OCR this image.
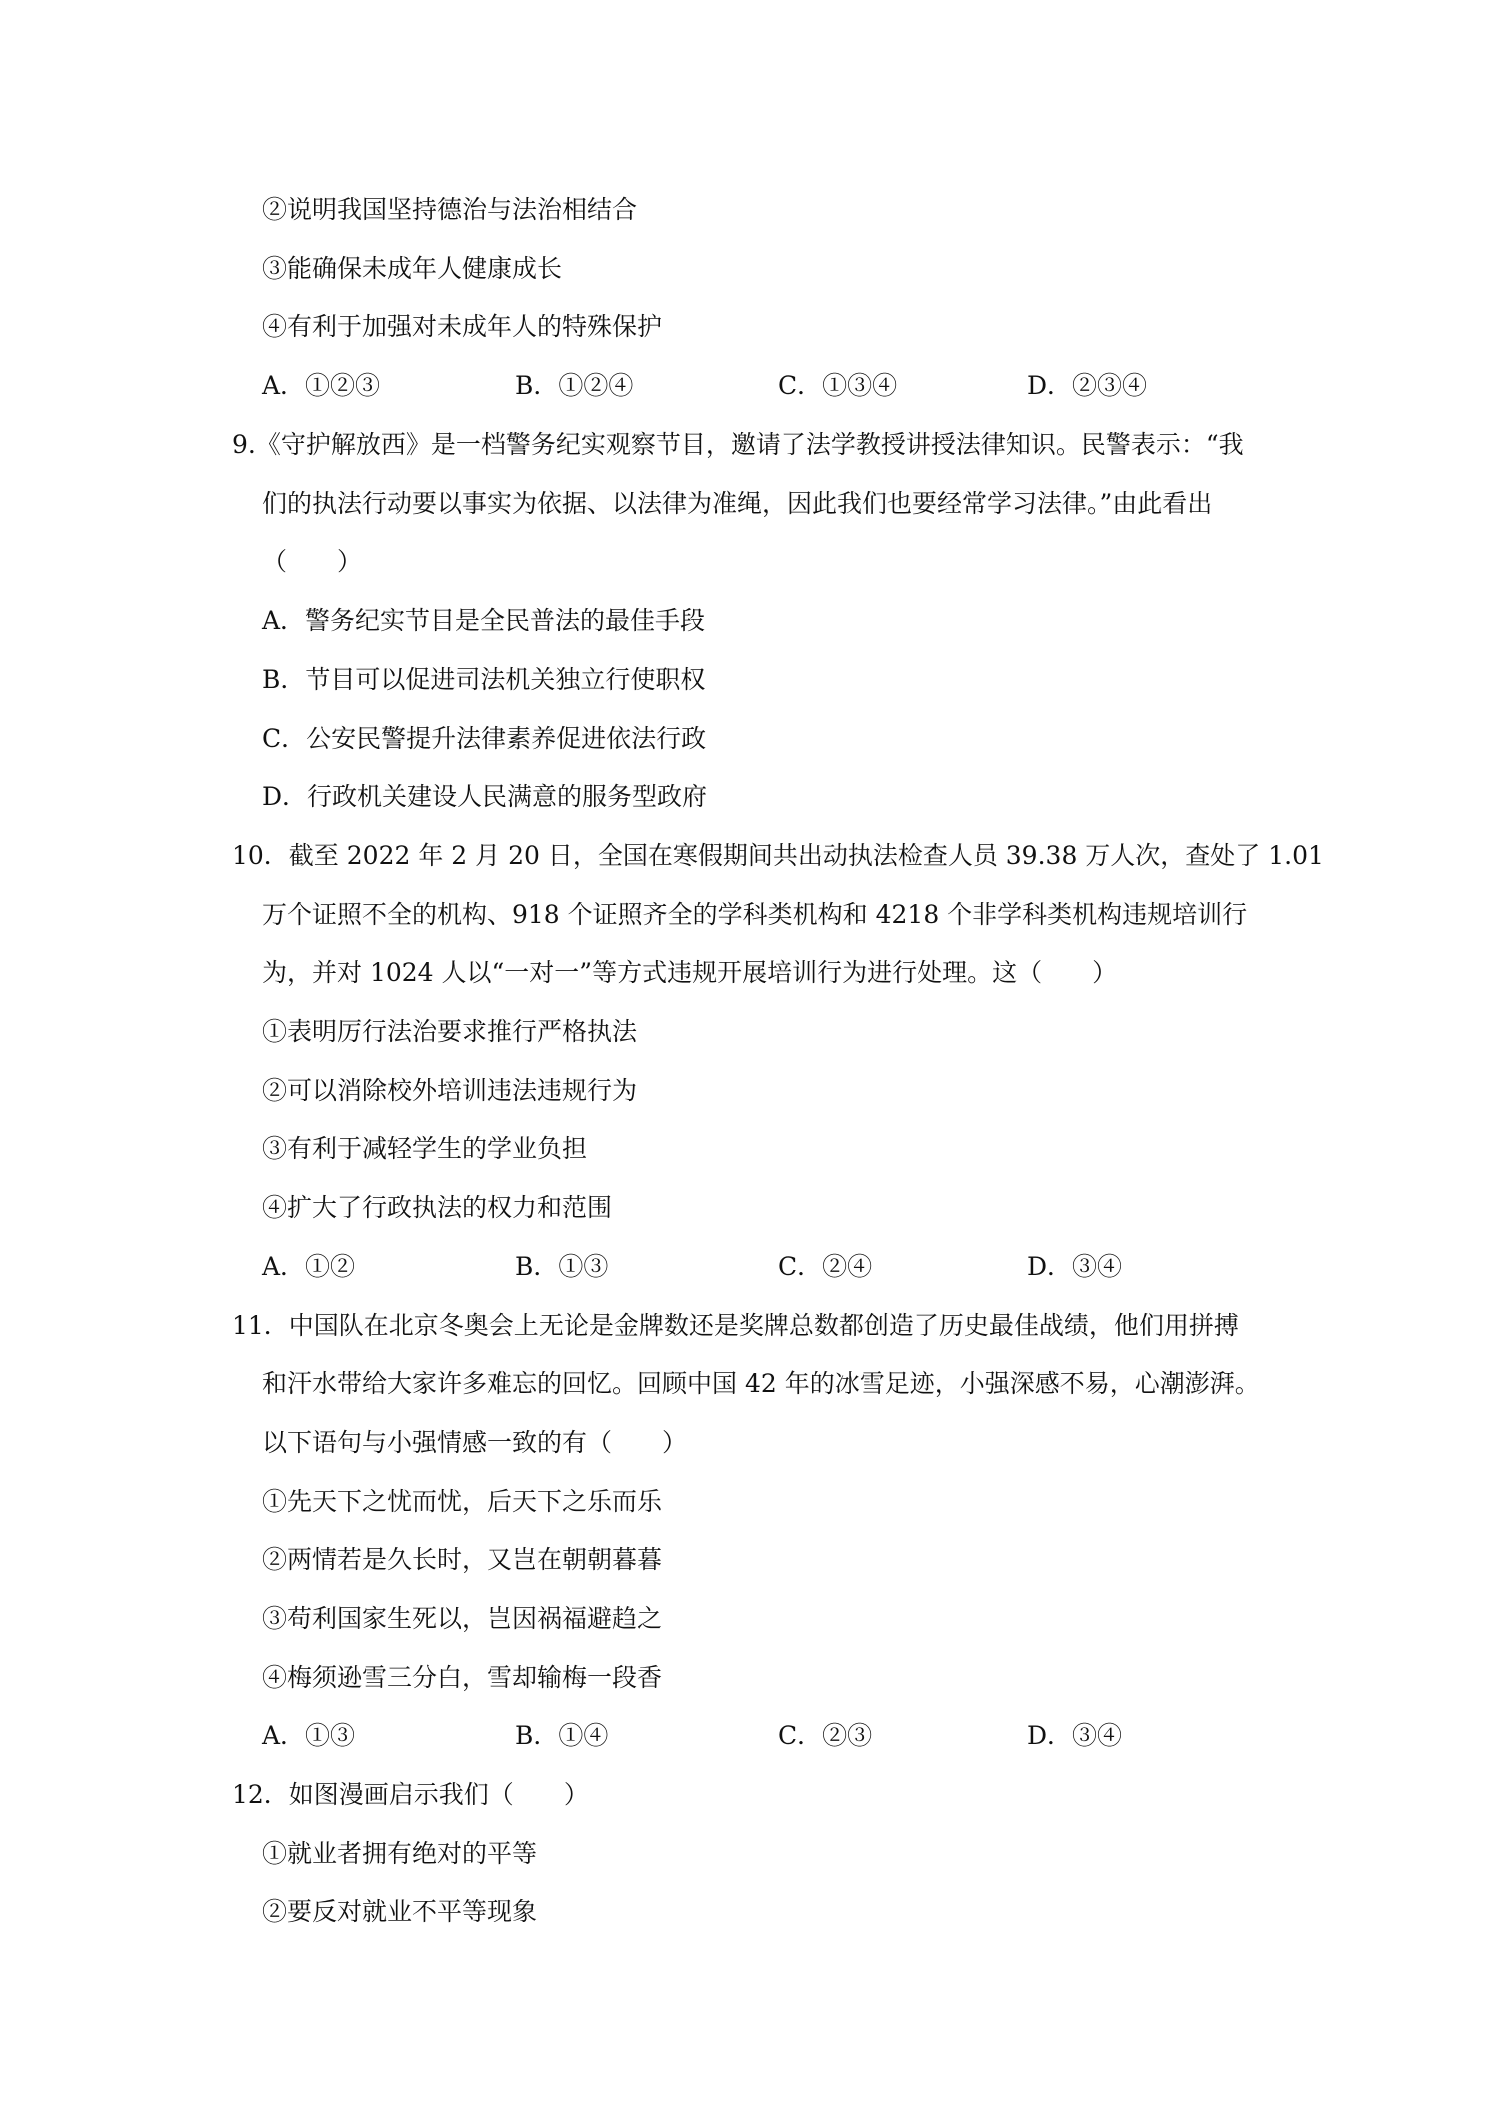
②说明我国坚持德治与法治相结合
③能确保未成年人健康成长
④有利于加强对未成年人的特殊保护
A．①②③	B．①②④	C．①③④	D．②③④
9.《守护解放西》是一档警务纪实观察节目，邀请了法学教授讲授法律知识。民警表示：“我
们的执法行动要以事实为依据、以法律为准绳，因此我们也要经常学习法律。”由此看出
（　　）
A．警务纪实节目是全民普法的最佳手段
B．节目可以促进司法机关独立行使职权
C．公安民警提升法律素养促进依法行政
D．行政机关建设人民满意的服务型政府
10．截至 2022 年 2 月 20 日，全国在寒假期间共出动执法检查人员 39.38 万人次，查处了 1.01
万个证照不全的机构、918 个证照齐全的学科类机构和 4218 个非学科类机构违规培训行
为，并对 1024 人以“一对一”等方式违规开展培训行为进行处理。这（　　）
①表明厉行法治要求推行严格执法
②可以消除校外培训违法违规行为
③有利于减轻学生的学业负担
④扩大了行政执法的权力和范围
A．①②	B．①③	C．②④	D．③④
11．中国队在北京冬奥会上无论是金牌数还是奖牌总数都创造了历史最佳战绩，他们用拼搏
和汗水带给大家许多难忘的回忆。回顾中国 42 年的冰雪足迹，小强深感不易，心潮澎湃。
以下语句与小强情感一致的有（　　）
①先天下之忧而忧，后天下之乐而乐
②两情若是久长时，又岂在朝朝暮暮
③苟利国家生死以，岂因祸福避趋之
④梅须逊雪三分白，雪却输梅一段香
A．①③	B．①④	C．②③	D．③④
12．如图漫画启示我们（　　）
①就业者拥有绝对的平等
②要反对就业不平等现象
